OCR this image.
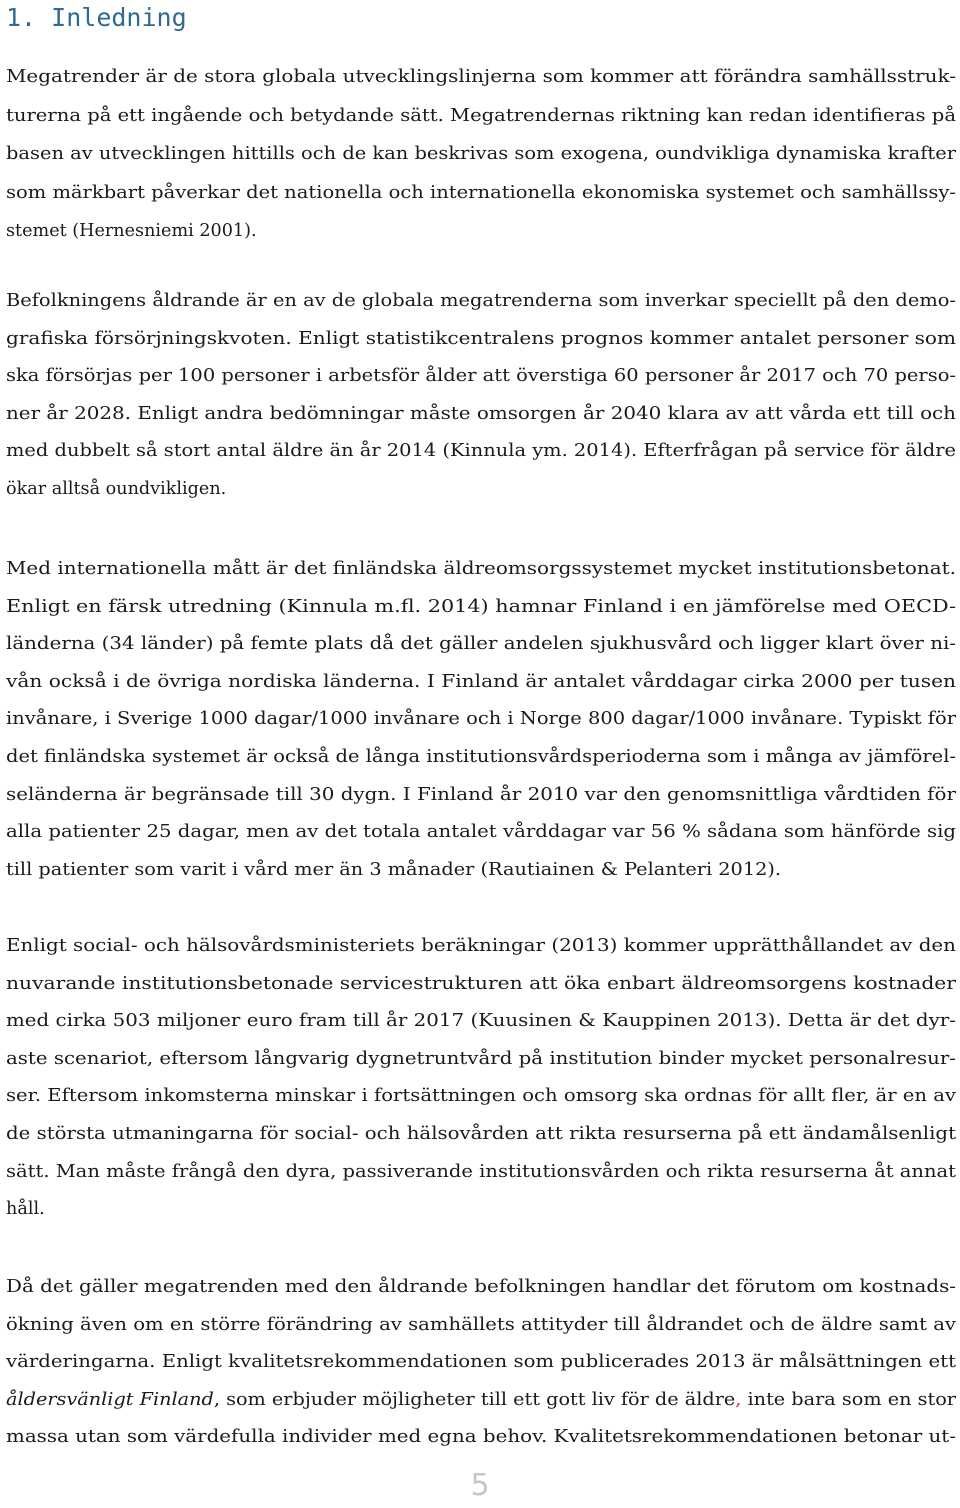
1. Inledning
Megatrender är de stora globala utvecklingslinjerna som kommer att förändra samhällsstruk-
turerna på ett ingående och betydande sätt. Megatrendernas riktning kan redan identifieras på
basen av utvecklingen hittills och de kan beskrivas som exogena, oundvikliga dynamiska krafter
som märkbart påverkar det nationella och internationella ekonomiska systemet och samhällssy-
stemet (Hernesniemi 2001).
Befolkningens åldrande är en av de globala megatrenderna som inverkar speciellt på den demo-
grafiska försörjningskvoten. Enligt statistikcentralens prognos kommer antalet personer som
ska försörjas per 100 personer i arbetsför ålder att överstiga 60 personer år 2017 och 70 perso-
ner år 2028. Enligt andra bedömningar måste omsorgen år 2040 klara av att vårda ett till och
med dubbelt så stort antal äldre än år 2014 (Kinnula ym. 2014). Efterfrågan på service för äldre
ökar alltså oundvikligen.
Med internationella mått är det finländska äldreomsorgssystemet mycket institutionsbetonat.
Enligt en färsk utredning (Kinnula m.fl. 2014) hamnar Finland i en jämförelse med OECD-
länderna (34 länder) på femte plats då det gäller andelen sjukhusvård och ligger klart över ni-
vån också i de övriga nordiska länderna. I Finland är antalet vårddagar cirka 2000 per tusen
invånare, i Sverige 1000 dagar/1000 invånare och i Norge 800 dagar/1000 invånare. Typiskt för
det finländska systemet är också de långa institutionsvårdsperioderna som i många av jämförel-
seländerna är begränsade till 30 dygn. I Finland år 2010 var den genomsnittliga vårdtiden för
alla patienter 25 dagar, men av det totala antalet vårddagar var 56 % sådana som hänförde sig
till patienter som varit i vård mer än 3 månader (Rautiainen & Pelanteri 2012).
Enligt social- och hälsovårdsministeriets beräkningar (2013) kommer upprätthållandet av den
nuvarande institutionsbetonade servicestrukturen att öka enbart äldreomsorgens kostnader
med cirka 503 miljoner euro fram till år 2017 (Kuusinen & Kauppinen 2013). Detta är det dyr-
aste scenariot, eftersom långvarig dygnetruntvård på institution binder mycket personalresur-
ser. Eftersom inkomsterna minskar i fortsättningen och omsorg ska ordnas för allt fler, är en av
de största utmaningarna för social- och hälsovården att rikta resurserna på ett ändamålsenligt
sätt. Man måste frångå den dyra, passiverande institutionsvården och rikta resurserna åt annat
håll.
Då det gäller megatrenden med den åldrande befolkningen handlar det förutom om kostnads-
ökning även om en större förändring av samhällets attityder till åldrandet och de äldre samt av
värderingarna. Enligt kvalitetsrekommendationen som publicerades 2013 är målsättningen ett
åldersvänligt Finland, som erbjuder möjligheter till ett gott liv för de äldre, inte bara som en stor
massa utan som värdefulla individer med egna behov. Kvalitetsrekommendationen betonar ut-
5
